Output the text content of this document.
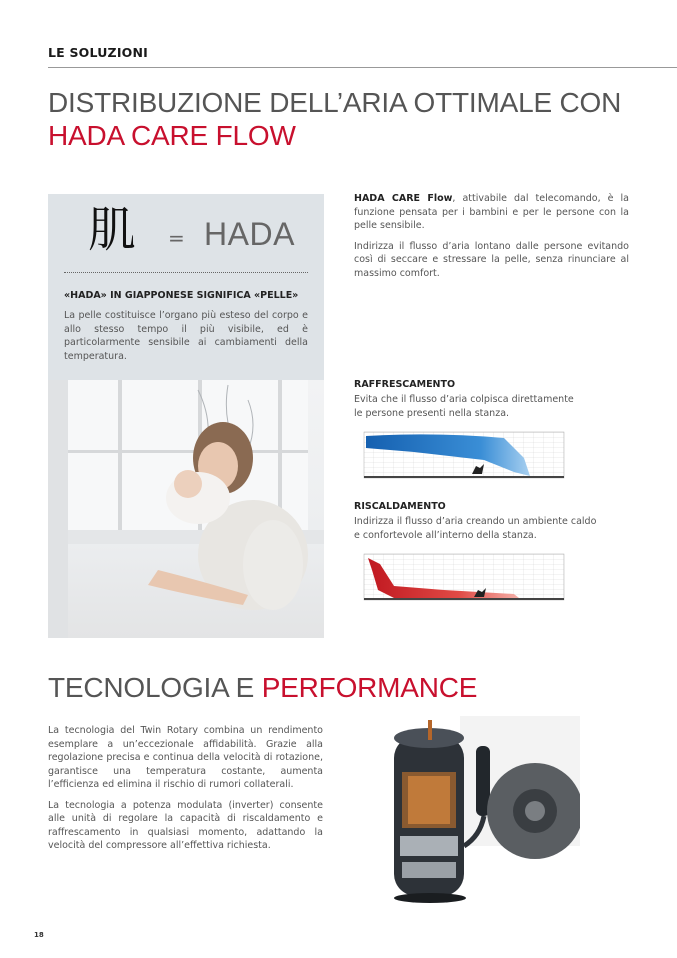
LE SOLUZIONI
DISTRIBUZIONE DELL’ARIA OTTIMALE CON
HADA CARE FLOW
肌 = HADA
«HADA» IN GIAPPONESE SIGNIFICA «PELLE»
La pelle costituisce l’organo più esteso del corpo e allo stesso tempo il più visibile, ed è particolarmente sensibile ai cambiamenti della temperatura.

HADA CARE Flow, attivabile dal telecomando, è la funzione pensata per i bambini e per le persone con la pelle sensibile.

Indirizza il flusso d’aria lontano dalle persone evitando così di seccare e stressare la pelle, senza rinunciare al massimo comfort.

RAFFRESCAMENTO
Evita che il flusso d’aria colpisca direttamente
le persone presenti nella stanza.
RISCALDAMENTO
Indirizza il flusso d’aria creando un ambiente caldo
e confortevole all’interno della stanza.
TECNOLOGIA E PERFORMANCE

La tecnologia del Twin Rotary combina un rendimento esemplare a un’eccezionale affidabilità. Grazie alla regolazione precisa e continua della velocità di rotazione, garantisce una temperatura costante, aumenta l’efficienza ed elimina il rischio di rumori collaterali.

La tecnologia a potenza modulata (inverter) consente alle unità di regolare la capacità di riscaldamento e raffrescamento in qualsiasi momento, adattando la velocità del compressore all’effettiva richiesta.

18
